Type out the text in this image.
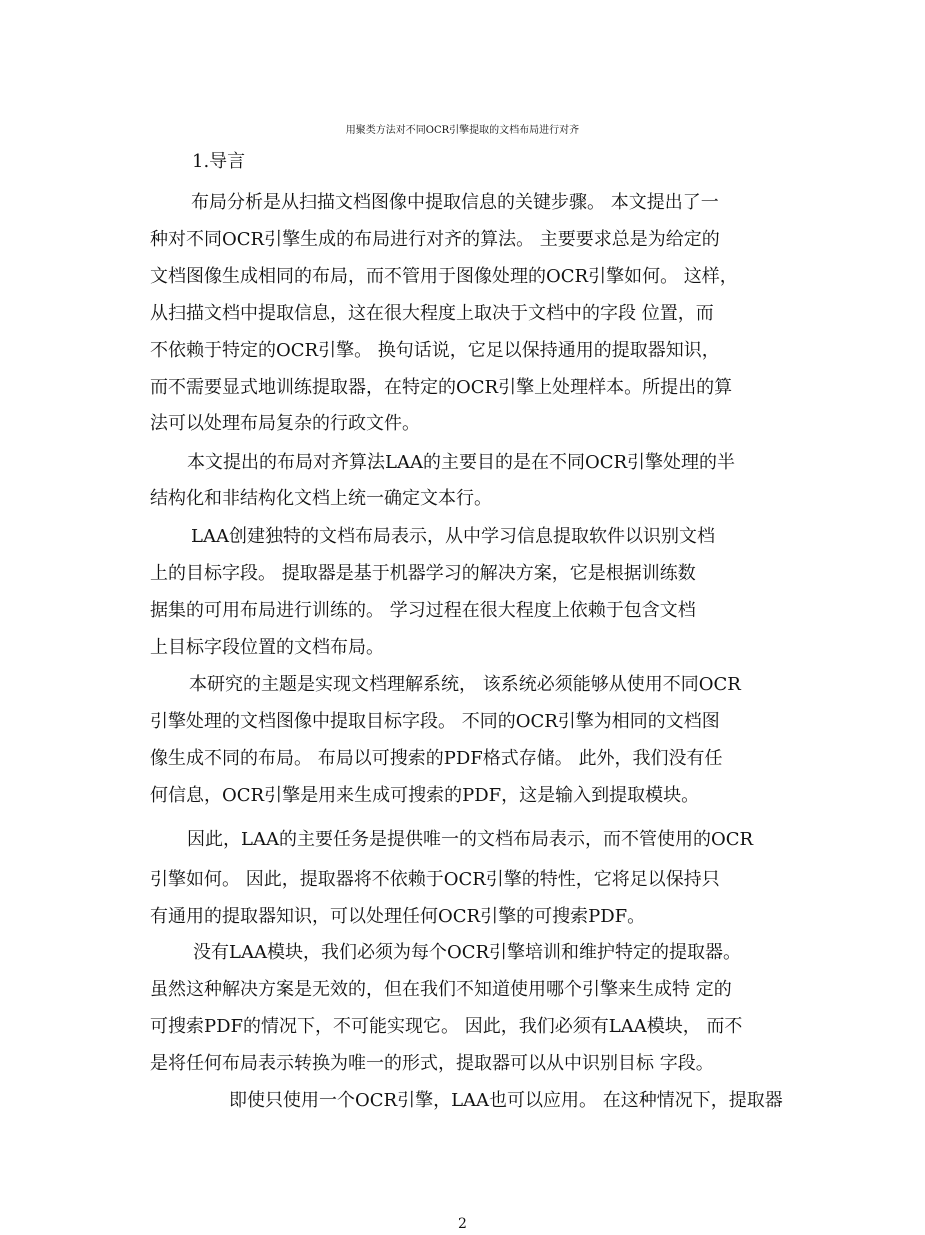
用聚类方法对不同OCR引擎提取的文档布局进行对齐
1.导言
布局分析是从扫描文档图像中提取信息的关键步骤。 本文提出了一
种对不同OCR引擎生成的布局进行对齐的算法。 主要要求总是为给定的
文档图像生成相同的布局，而不管用于图像处理的OCR引擎如何。 这样，
从扫描文档中提取信息，这在很大程度上取决于文档中的字段 位置，而
不依赖于特定的OCR引擎。 换句话说，它足以保持通用的提取器知识，
而不需要显式地训练提取器，在特定的OCR引擎上处理样本。所提出的算
法可以处理布局复杂的行政文件。
本文提出的布局对齐算法LAA的主要目的是在不同OCR引擎处理的半
结构化和非结构化文档上统一确定文本行。
LAA创建独特的文档布局表示，从中学习信息提取软件以识别文档
上的目标字段。 提取器是基于机器学习的解决方案，它是根据训练数
据集的可用布局进行训练的。 学习过程在很大程度上依赖于包含文档
上目标字段位置的文档布局。
本研究的主题是实现文档理解系统， 该系统必须能够从使用不同OCR
引擎处理的文档图像中提取目标字段。 不同的OCR引擎为相同的文档图
像生成不同的布局。 布局以可搜索的PDF格式存储。 此外，我们没有任
何信息，OCR引擎是用来生成可搜索的PDF，这是输入到提取模块。
因此，LAA的主要任务是提供唯一的文档布局表示，而不管使用的OCR
引擎如何。 因此，提取器将不依赖于OCR引擎的特性，它将足以保持只
有通用的提取器知识，可以处理任何OCR引擎的可搜索PDF。
没有LAA模块，我们必须为每个OCR引擎培训和维护特定的提取器。
虽然这种解决方案是无效的，但在我们不知道使用哪个引擎来生成特 定的
可搜索PDF的情况下，不可能实现它。 因此，我们必须有LAA模块， 而不
是将任何布局表示转换为唯一的形式，提取器可以从中识别目标 字段。
即使只使用一个OCR引擎，LAA也可以应用。 在这种情况下，提取器
2
